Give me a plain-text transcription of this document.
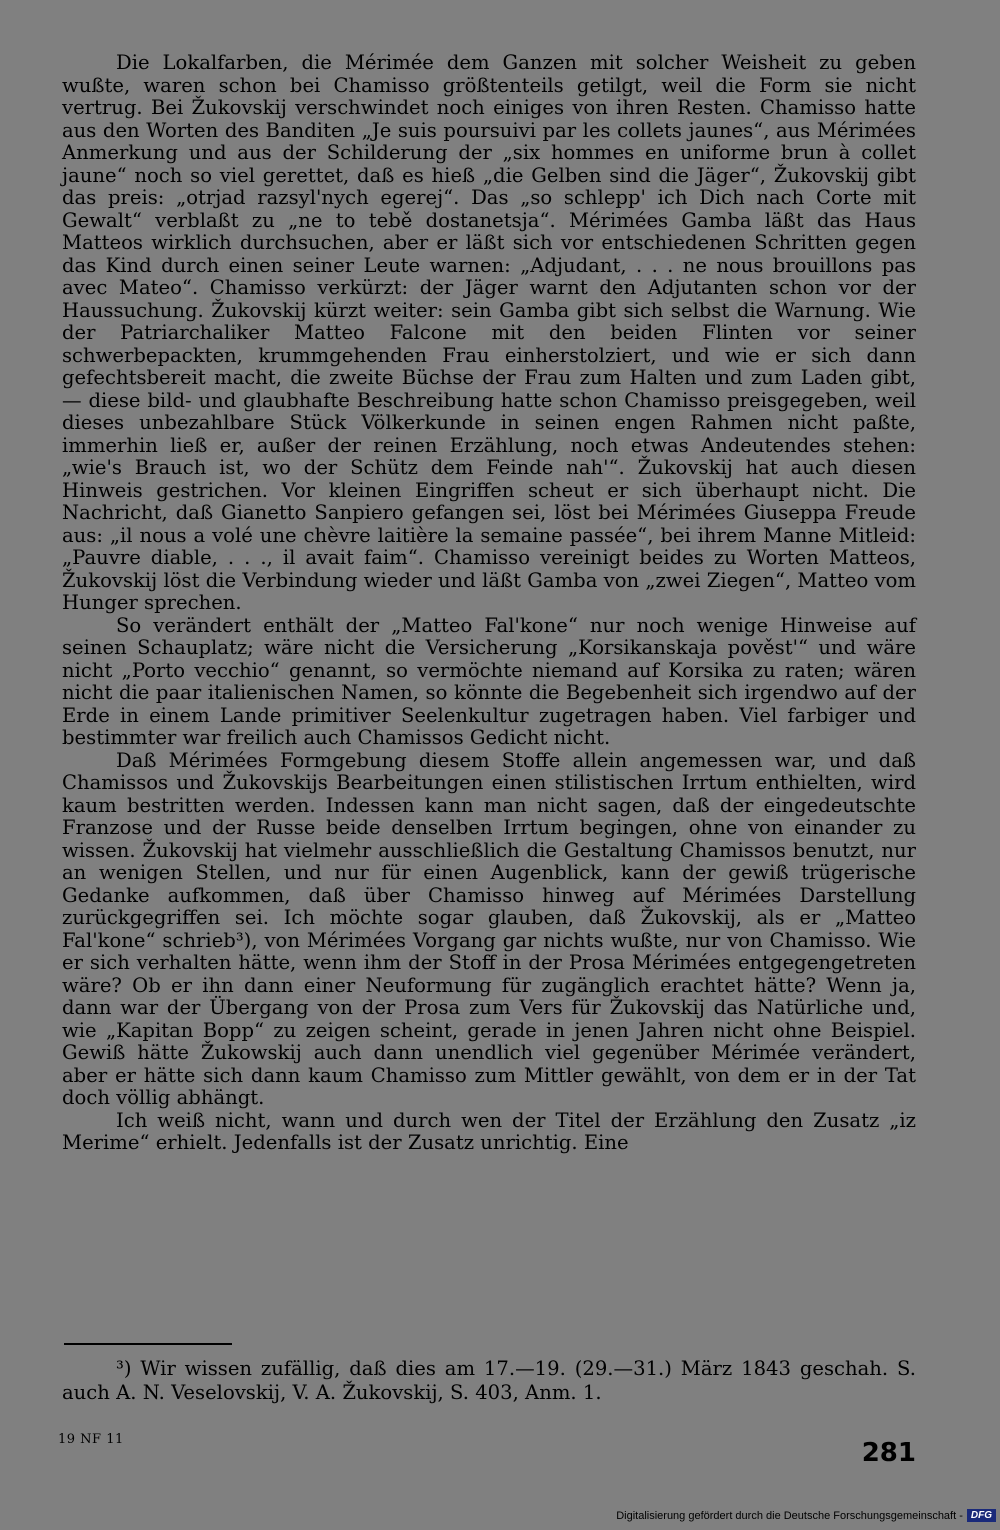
Die Lokalfarben, die Mérimée dem Ganzen mit solcher Weisheit zu geben wußte, waren schon bei Chamisso größtenteils getilgt, weil die Form sie nicht vertrug. Bei Žukovskij verschwindet noch einiges von ihren Resten. Chamisso hatte aus den Worten des Banditen „Je suis poursuivi par les collets jaunes“, aus Mérimées Anmerkung und aus der Schilderung der „six hommes en uniforme brun à collet jaune“ noch so viel gerettet, daß es hieß „die Gelben sind die Jäger“, Žukovskij gibt das preis: „otrjad razsyl'nych egerej“. Das „so schlepp' ich Dich nach Corte mit Gewalt“ verblaßt zu „ne to tebě dostanetsja“. Mérimées Gamba läßt das Haus Matteos wirklich durchsuchen, aber er läßt sich vor entschiedenen Schritten gegen das Kind durch einen seiner Leute warnen: „Adjudant, . . . ne nous brouillons pas avec Mateo“. Chamisso verkürzt: der Jäger warnt den Adjutanten schon vor der Haussuchung. Žukovskij kürzt weiter: sein Gamba gibt sich selbst die Warnung. Wie der Patriarchaliker Matteo Falcone mit den beiden Flinten vor seiner schwerbepackten, krummgehenden Frau einherstolziert, und wie er sich dann gefechtsbereit macht, die zweite Büchse der Frau zum Halten und zum Laden gibt, — diese bild- und glaubhafte Beschreibung hatte schon Chamisso preisgegeben, weil dieses unbezahlbare Stück Völkerkunde in seinen engen Rahmen nicht paßte, immerhin ließ er, außer der reinen Erzählung, noch etwas Andeutendes stehen: „wie's Brauch ist, wo der Schütz dem Feinde nah'“. Žukovskij hat auch diesen Hinweis gestrichen. Vor kleinen Eingriffen scheut er sich überhaupt nicht. Die Nachricht, daß Gianetto Sanpiero gefangen sei, löst bei Mérimées Giuseppa Freude aus: „il nous a volé une chèvre laitière la semaine passée“, bei ihrem Manne Mitleid: „Pauvre diable, . . ., il avait faim“. Chamisso vereinigt beides zu Worten Matteos, Žukovskij löst die Verbindung wieder und läßt Gamba von „zwei Ziegen“, Matteo vom Hunger sprechen.

So verändert enthält der „Matteo Fal'kone“ nur noch wenige Hinweise auf seinen Schauplatz; wäre nicht die Versicherung „Korsikanskaja pověst'“ und wäre nicht „Porto vecchio“ genannt, so vermöchte niemand auf Korsika zu raten; wären nicht die paar italienischen Namen, so könnte die Begebenheit sich irgendwo auf der Erde in einem Lande primitiver Seelenkultur zugetragen haben. Viel farbiger und bestimmter war freilich auch Chamissos Gedicht nicht.

Daß Mérimées Formgebung diesem Stoffe allein angemessen war, und daß Chamissos und Žukovskijs Bearbeitungen einen stilistischen Irrtum enthielten, wird kaum bestritten werden. Indessen kann man nicht sagen, daß der eingedeutschte Franzose und der Russe beide denselben Irrtum begingen, ohne von einander zu wissen. Žukovskij hat vielmehr ausschließlich die Gestaltung Chamissos benutzt, nur an wenigen Stellen, und nur für einen Augenblick, kann der gewiß trügerische Gedanke aufkommen, daß über Chamisso hinweg auf Mérimées Darstellung zurückgegriffen sei. Ich möchte sogar glauben, daß Žukovskij, als er „Matteo Fal'kone“ schrieb³), von Mérimées Vorgang gar nichts wußte, nur von Chamisso. Wie er sich verhalten hätte, wenn ihm der Stoff in der Prosa Mérimées entgegengetreten wäre? Ob er ihn dann einer Neuformung für zugänglich erachtet hätte? Wenn ja, dann war der Übergang von der Prosa zum Vers für Žukovskij das Natürliche und, wie „Kapitan Bopp“ zu zeigen scheint, gerade in jenen Jahren nicht ohne Beispiel. Gewiß hätte Žukowskij auch dann unendlich viel gegenüber Mérimée verändert, aber er hätte sich dann kaum Chamisso zum Mittler gewählt, von dem er in der Tat doch völlig abhängt.

Ich weiß nicht, wann und durch wen der Titel der Erzählung den Zusatz „iz Merime“ erhielt. Jedenfalls ist der Zusatz unrichtig. Eine

³) Wir wissen zufällig, daß dies am 17.—19. (29.—31.) März 1843 geschah. S. auch A. N. Veselovskij, V. A. Žukovskij, S. 403, Anm. 1.
19 NF 11	281
Digitalisierung gefördert durch die Deutsche Forschungsgemeinschaft - DFG
